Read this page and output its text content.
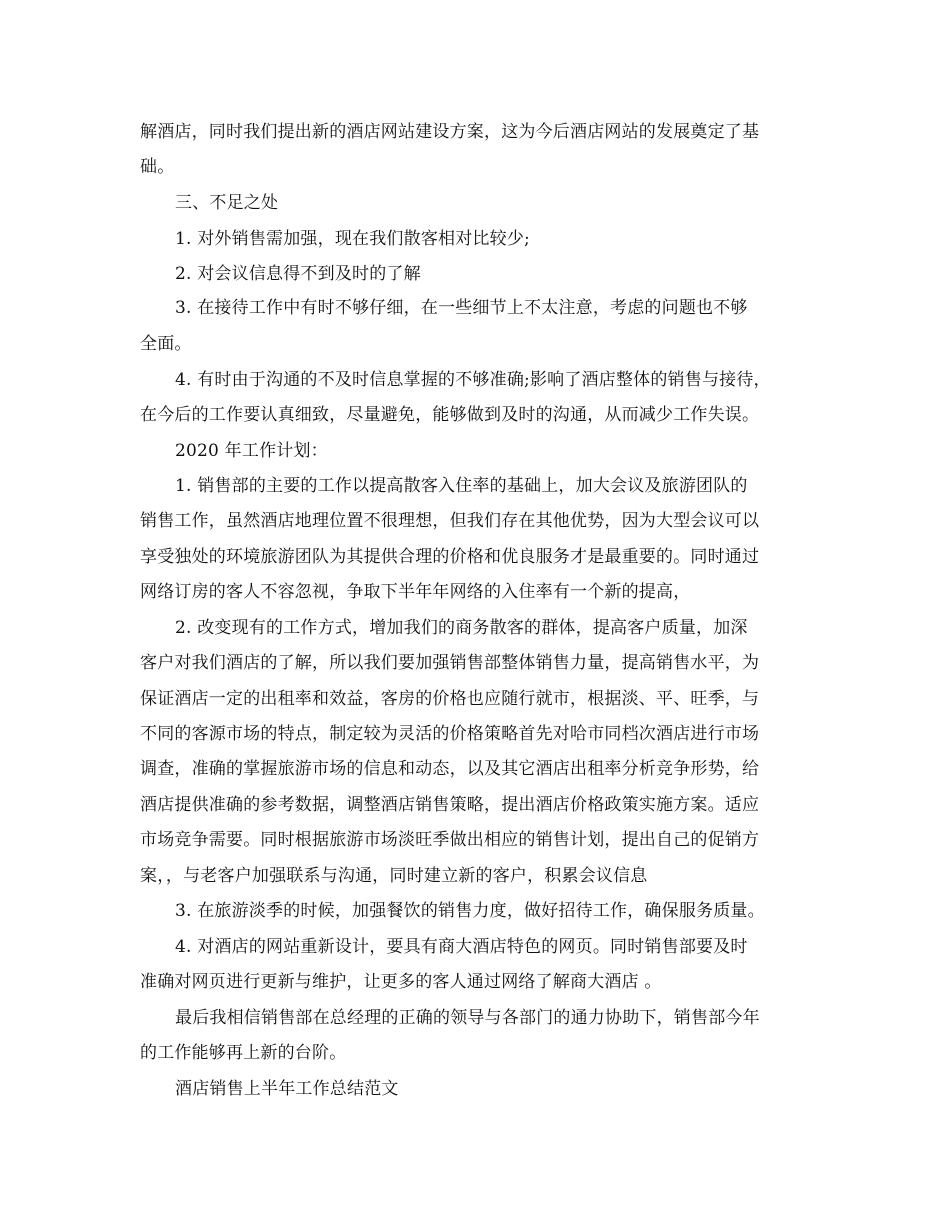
解酒店，同时我们提出新的酒店网站建设方案，这为今后酒店网站的发展奠定了基
础。
三、不足之处
1. 对外销售需加强，现在我们散客相对比较少;
2. 对会议信息得不到及时的了解
3. 在接待工作中有时不够仔细，在一些细节上不太注意，考虑的问题也不够
全面。
4. 有时由于沟通的不及时信息掌握的不够准确;影响了酒店整体的销售与接待，
在今后的工作要认真细致，尽量避免，能够做到及时的沟通，从而减少工作失误。
2020 年工作计划：
1. 销售部的主要的工作以提高散客入住率的基础上，加大会议及旅游团队的
销售工作，虽然酒店地理位置不很理想，但我们存在其他优势，因为大型会议可以
享受独处的环境旅游团队为其提供合理的价格和优良服务才是最重要的。同时通过
网络订房的客人不容忽视，争取下半年年网络的入住率有一个新的提高，
2. 改变现有的工作方式，增加我们的商务散客的群体，提高客户质量，加深
客户对我们酒店的了解，所以我们要加强销售部整体销售力量，提高销售水平，为
保证酒店一定的出租率和效益，客房的价格也应随行就市，根据淡、平、旺季，与
不同的客源市场的特点，制定较为灵活的价格策略首先对哈市同档次酒店进行市场
调查，准确的掌握旅游市场的信息和动态，以及其它酒店出租率分析竞争形势，给
酒店提供准确的参考数据，调整酒店销售策略，提出酒店价格政策实施方案。适应
市场竞争需要。同时根据旅游市场淡旺季做出相应的销售计划，提出自己的促销方
案，，与老客户加强联系与沟通，同时建立新的客户，积累会议信息
3. 在旅游淡季的时候，加强餐饮的销售力度，做好招待工作，确保服务质量。
4. 对酒店的网站重新设计，要具有商大酒店特色的网页。同时销售部要及时
准确对网页进行更新与维护，让更多的客人通过网络了解商大酒店 。
最后我相信销售部在总经理的正确的领导与各部门的通力协助下，销售部今年
的工作能够再上新的台阶。
酒店销售上半年工作总结范文
